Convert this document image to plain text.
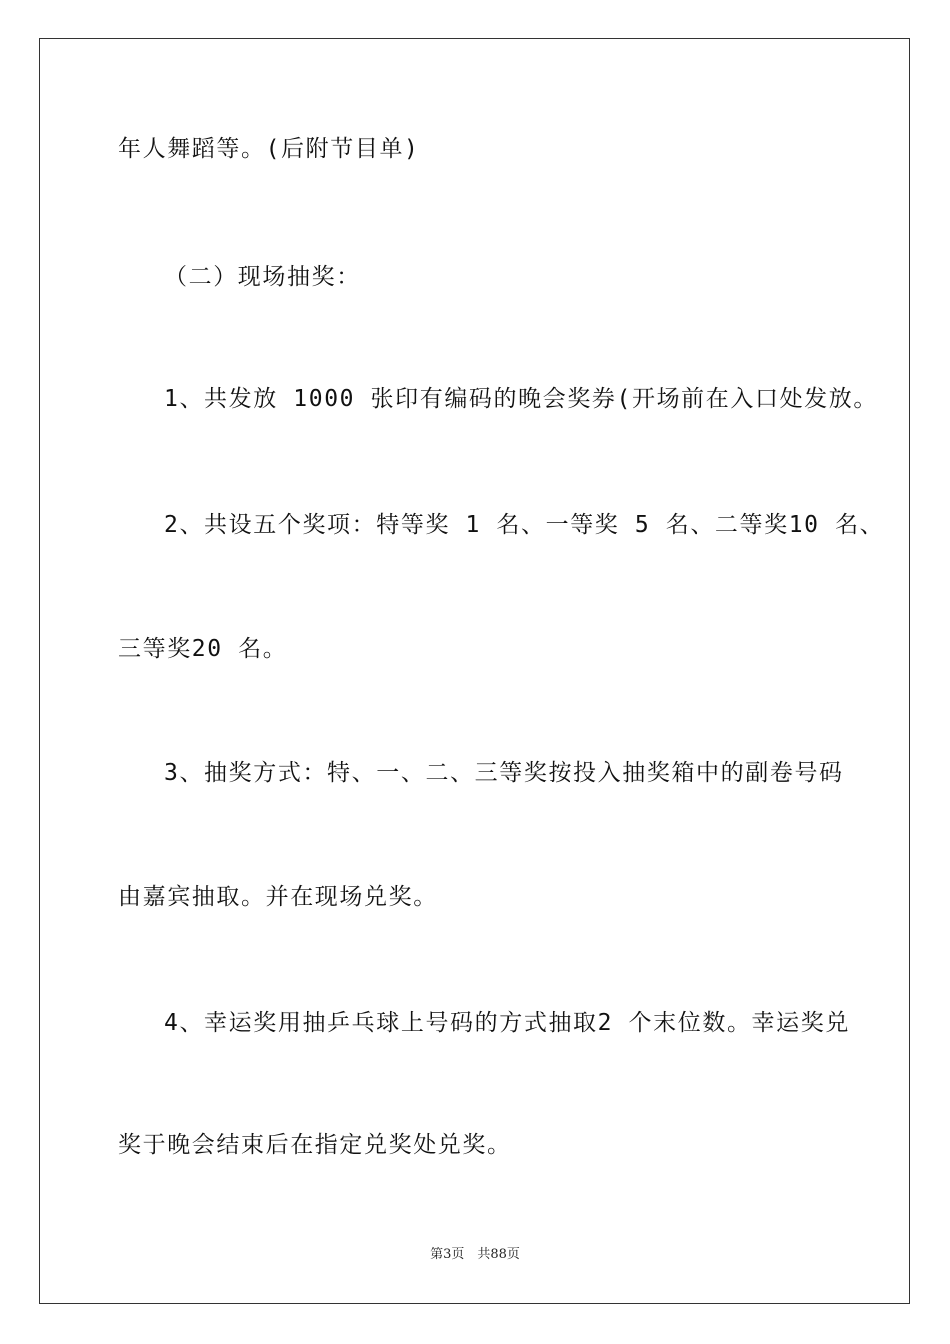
年人舞蹈等。(后附节目单)

（二）现场抽奖：

1、共发放 1000 张印有编码的晚会奖券(开场前在入口处发放。

2、共设五个奖项：特等奖 1 名、一等奖 5 名、二等奖10 名、

三等奖20 名。

3、抽奖方式：特、一、二、三等奖按投入抽奖箱中的副卷号码

由嘉宾抽取。并在现场兑奖。

4、幸运奖用抽乒乓球上号码的方式抽取2 个末位数。幸运奖兑

奖于晚会结束后在指定兑奖处兑奖。

第3页　共88页
